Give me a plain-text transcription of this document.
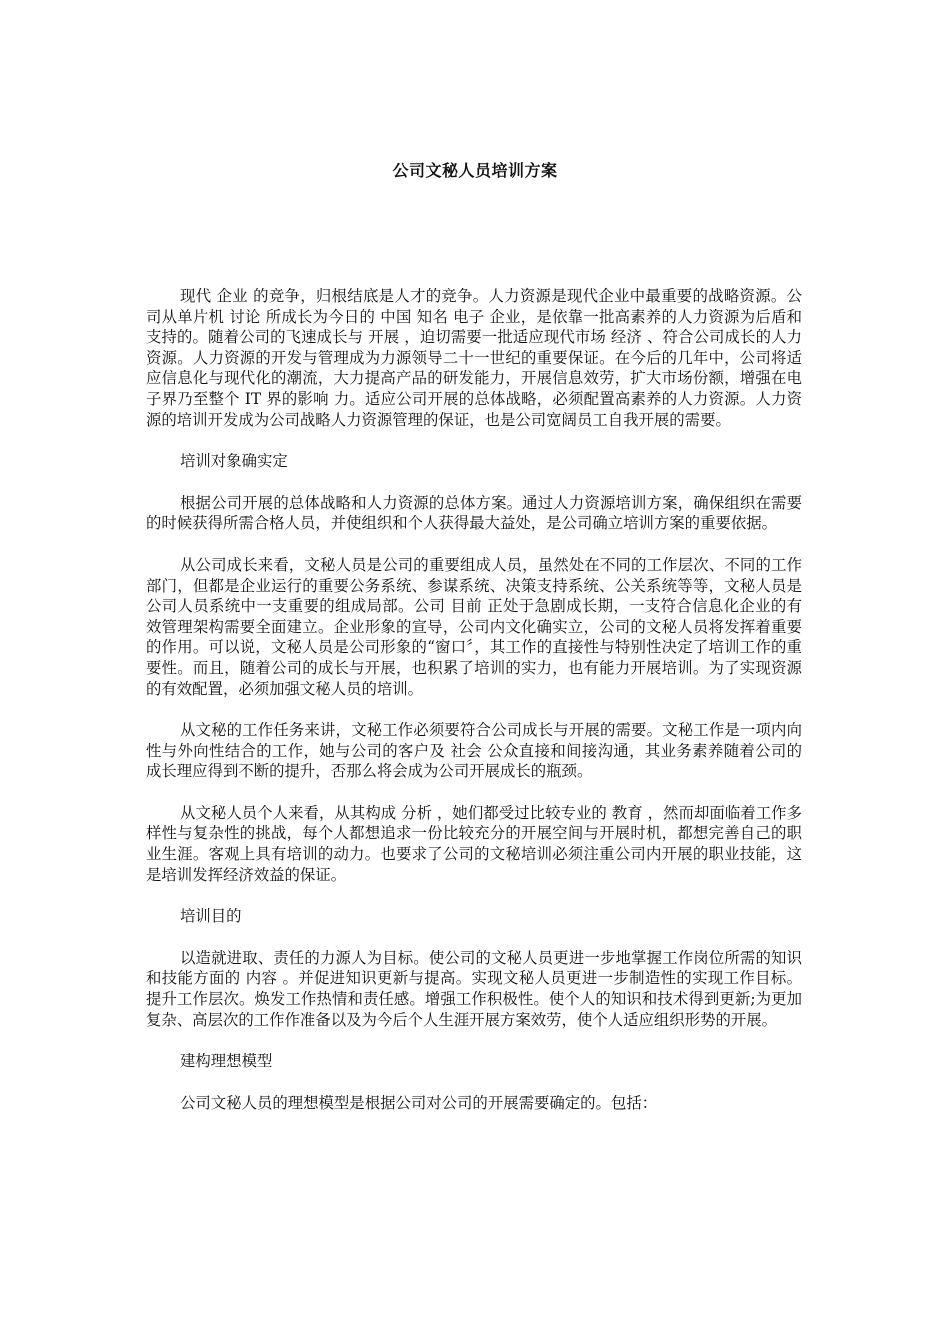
公司文秘人员培训方案

现代 企业 的竞争，归根结底是人才的竞争。人力资源是现代企业中最重要的战略资源。公司从单片机 讨论 所成长为今日的 中国 知名 电子 企业，是依靠一批高素养的人力资源为后盾和支持的。随着公司的飞速成长与 开展 ，迫切需要一批适应现代市场 经济 、符合公司成长的人力资源。人力资源的开发与管理成为力源领导二十一世纪的重要保证。在今后的几年中，公司将适应信息化与现代化的潮流，大力提高产品的研发能力，开展信息效劳，扩大市场份额，增强在电子界乃至整个 IT 界的影响 力。适应公司开展的总体战略，必须配置高素养的人力资源。人力资源的培训开发成为公司战略人力资源管理的保证，也是公司宽阔员工自我开展的需要。

培训对象确实定

根据公司开展的总体战略和人力资源的总体方案。通过人力资源培训方案，确保组织在需要的时候获得所需合格人员，并使组织和个人获得最大益处，是公司确立培训方案的重要依据。

从公司成长来看，文秘人员是公司的重要组成人员，虽然处在不同的工作层次、不同的工作部门，但都是企业运行的重要公务系统、参谋系统、决策支持系统、公关系统等等，文秘人员是公司人员系统中一支重要的组成局部。公司 目前 正处于急剧成长期，一支符合信息化企业的有效管理架构需要全面建立。企业形象的宣导，公司内文化确实立，公司的文秘人员将发挥着重要的作用。可以说，文秘人员是公司形象的“窗口〞，其工作的直接性与特别性决定了培训工作的重要性。而且，随着公司的成长与开展，也积累了培训的实力，也有能力开展培训。为了实现资源的有效配置，必须加强文秘人员的培训。

从文秘的工作任务来讲，文秘工作必须要符合公司成长与开展的需要。文秘工作是一项内向性与外向性结合的工作，她与公司的客户及 社会 公众直接和间接沟通，其业务素养随着公司的成长理应得到不断的提升，否那么将会成为公司开展成长的瓶颈。

从文秘人员个人来看，从其构成 分析 ，她们都受过比较专业的 教育 ，然而却面临着工作多样性与复杂性的挑战，每个人都想追求一份比较充分的开展空间与开展时机，都想完善自己的职业生涯。客观上具有培训的动力。也要求了公司的文秘培训必须注重公司内开展的职业技能，这是培训发挥经济效益的保证。

培训目的

以造就进取、责任的力源人为目标。使公司的文秘人员更进一步地掌握工作岗位所需的知识和技能方面的 内容 。并促进知识更新与提高。实现文秘人员更进一步制造性的实现工作目标。提升工作层次。焕发工作热情和责任感。增强工作积极性。使个人的知识和技术得到更新;为更加复杂、高层次的工作作准备以及为今后个人生涯开展方案效劳，使个人适应组织形势的开展。

建构理想模型

公司文秘人员的理想模型是根据公司对公司的开展需要确定的。包括：
